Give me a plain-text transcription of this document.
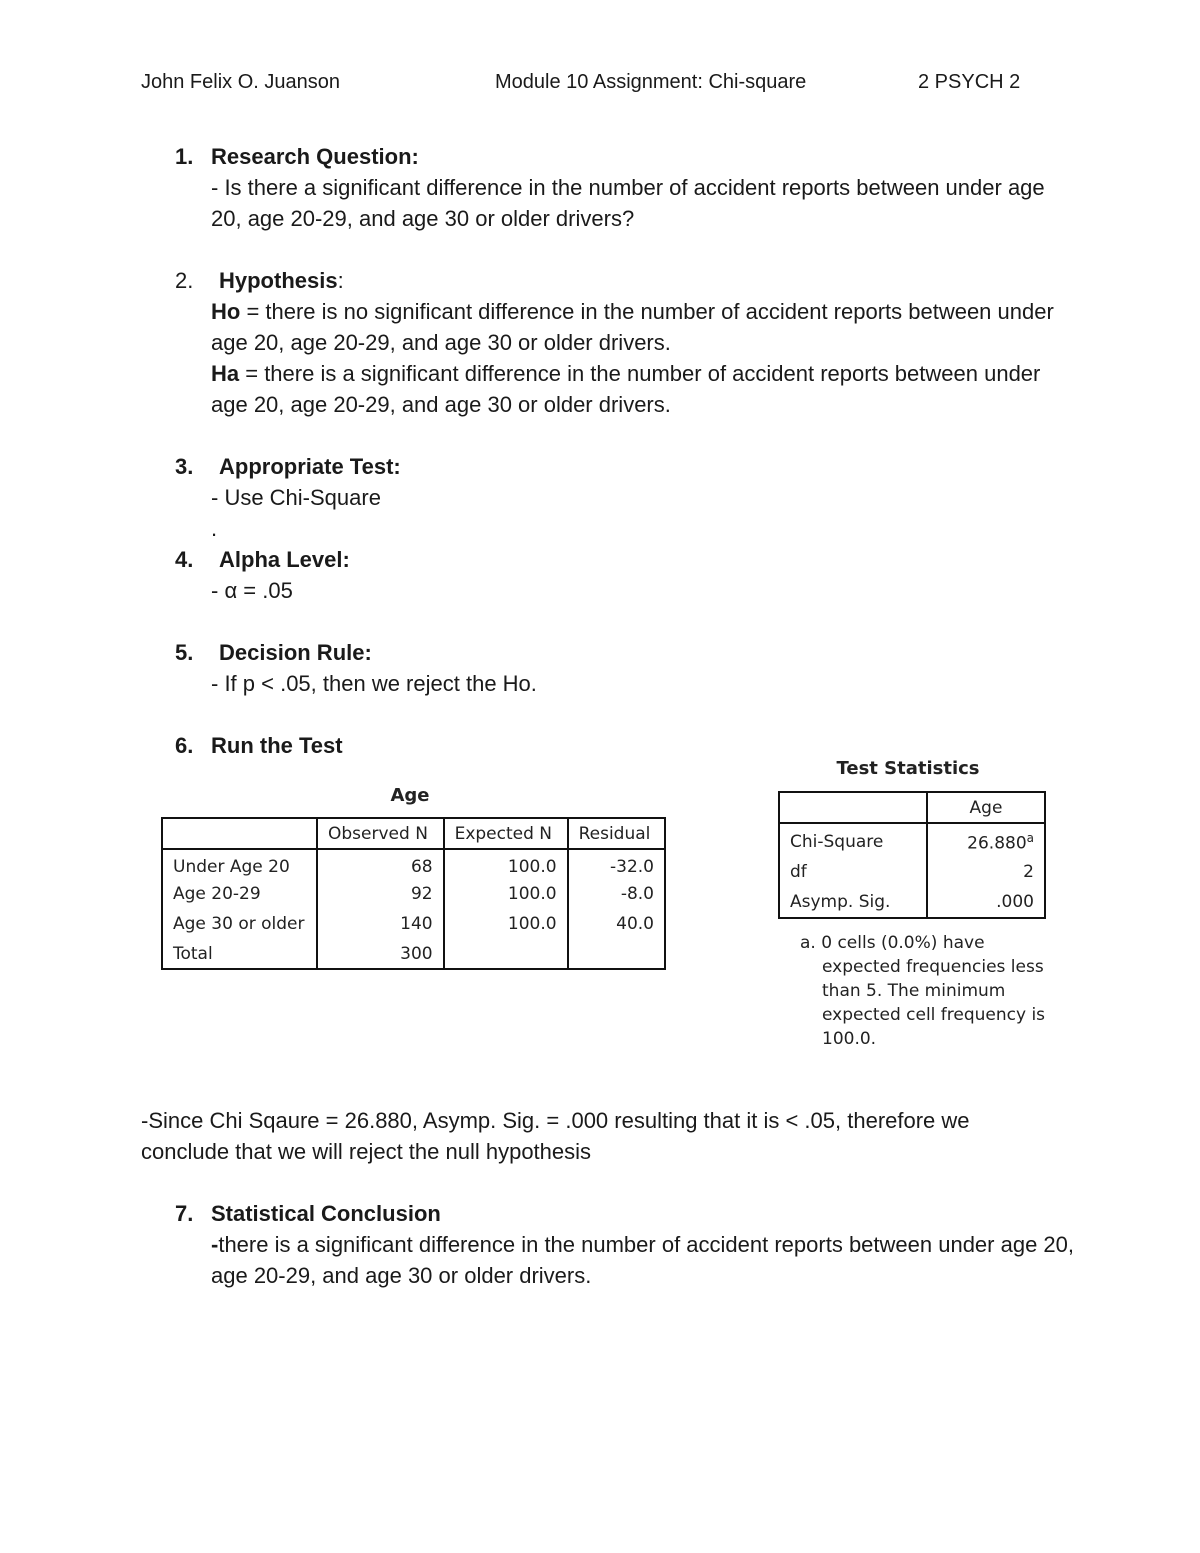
John Felix O. Juanson	Module 10 Assignment: Chi-square	2 PSYCH 2
1. Research Question:
- Is there a significant difference in the number of accident reports between under age 20, age 20-29, and age 30 or older drivers?
2. Hypothesis:
Ho = there is no significant difference in the number of accident reports between under age 20, age 20-29, and age 30 or older drivers.
Ha = there is a significant difference in the number of accident reports between under age 20, age 20-29, and age 30 or older drivers.
3. Appropriate Test:
- Use Chi-Square
.
4. Alpha Level:
- α = .05
5. Decision Rule:
- If p < .05, then we reject the Ho.
6. Run the Test
Age
	Observed N	Expected N	Residual
Under Age 20	68	100.0	-32.0
Age 20-29	92	100.0	-8.0
Age 30 or older	140	100.0	40.0
Total	300		
Test Statistics
	Age
Chi-Square	26.880$^a$
df	2
Asymp. Sig.	.000
a. 0 cells (0.0%) have expected frequencies less than 5. The minimum expected cell frequency is 100.0.
-Since Chi Sqaure = 26.880, Asymp. Sig. = .000 resulting that it is < .05, therefore we conclude that we will reject the null hypothesis
7. Statistical Conclusion
-there is a significant difference in the number of accident reports between under age 20, age 20-29, and age 30 or older drivers.
